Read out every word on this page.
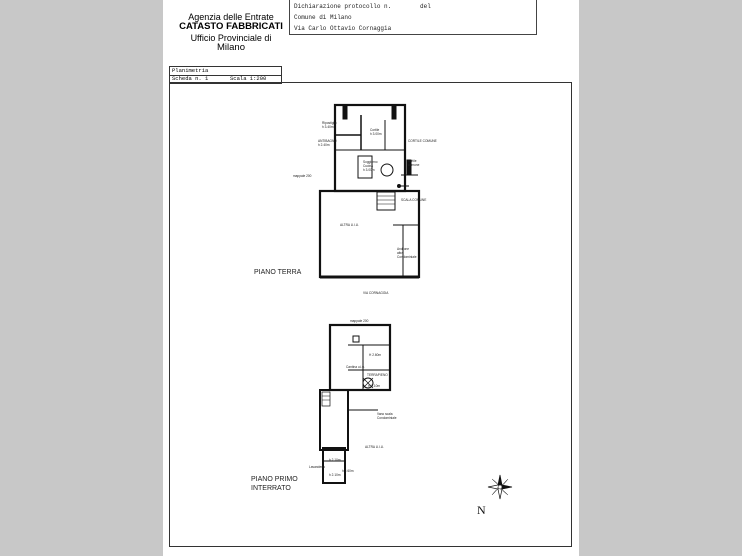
Agenzia delle Entrate
CATASTO FABBRICATI
Ufficio Provinciale di
Milano
Dichiarazione protocollo n.	del
Comune di Milano
Via Carlo Ottavio Cornaggia
Planimetria
Scheda n. 1	Scala 1:200
Ripostiglio
h 3.40m
ANTIBAGNO
h 2.40m
Cortile
h 3.00m
CORTILE COMUNE
mappale 200
Soggiorno
Cucina
h 3.00m
cortile
comune
SCALA COMUNE
ALTRA U.I.U.
Androne
altra
Condominiale
VIA CORNAGGIA
mappale 200
H 2.60m
Cantina u.i.u.
TERRAPIENO
H 2.10m
Vano scala
Condominiale
ALTRA U.I.U.
h 2.10m
Lavanderia
h 2.60m
h 2.10m
N
PIANO TERRA
PIANO PRIMO
INTERRATO
